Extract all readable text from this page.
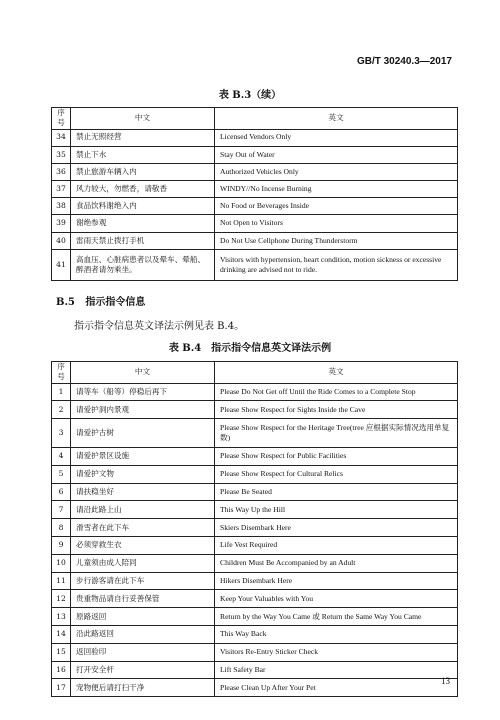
GB/T 30240.3—2017
表 B.3（续）
序号	中文	英文
34	禁止无照经营	Licensed Vendors Only
35	禁止下水	Stay Out of Water
36	禁止旅游车辆入内	Authorized Vehicles Only
37	风力较大，勿燃香，请敬香	WINDY//No Incense Burning
38	食品饮料谢绝入内	No Food or Beverages Inside
39	谢绝参观	Not Open to Visitors
40	雷雨天禁止拨打手机	Do Not Use Cellphone During Thunderstorm
41	高血压、心脏病患者以及晕车、晕船、醉酒者请勿乘坐。	Visitors with hypertension, heart condition, motion sickness or excessive drinking are advised not to ride.
B.5 指示指令信息
指示指令信息英文译法示例见表 B.4。
表 B.4　指示指令信息英文译法示例
序号	中文	英文
1	请等车（船等）停稳后再下	Please Do Not Get off Until the Ride Comes to a Complete Stop
2	请爱护洞内景观	Please Show Respect for Sights Inside the Cave
3	请爱护古树	Please Show Respect for the Heritage Tree(tree 应根据实际情况选用单复数)
4	请爱护景区设施	Please Show Respect for Public Facilities
5	请爱护文物	Please Show Respect for Cultural Relics
6	请扶稳坐好	Please Be Seated
7	请沿此路上山	This Way Up the Hill
8	滑雪者在此下车	Skiers Disembark Here
9	必须穿救生衣	Life Vest Required
10	儿童须由成人陪同	Children Must Be Accompanied by an Adult
11	步行游客请在此下车	Hikers Disembark Here
12	贵重物品请自行妥善保管	Keep Your Valuables with You
13	原路返回	Return by the Way You Came 或 Return the Same Way You Came
14	沿此路返回	This Way Back
15	返回验印	Visitors Re-Entry Sticker Check
16	打开安全杆	Lift Safety Bar
17	宠物便后请打扫干净	Please Clean Up After Your Pet
13
